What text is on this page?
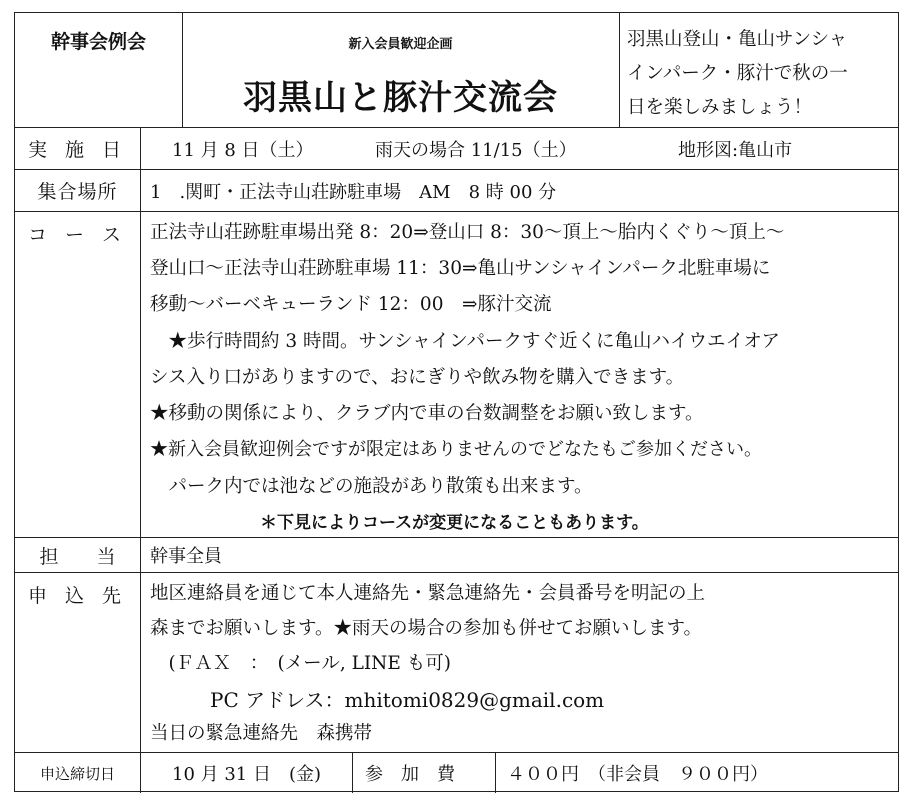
幹事会例会	新入会員歓迎企画
羽黒山と豚汁交流会
羽黒山登山・亀山サンシャ
インパーク・豚汁で秋の一
日を楽しみましょう！
実 施 日	11 月 8 日（土）	雨天の場合 11/15（土）	地形図:亀山市
集合場所	1　.関町・正法寺山荘跡駐車場　AM　8 時 00 分
コ ー ス	正法寺山荘跡駐車場出発 8：20⇒登山口 8：30〜頂上〜胎内くぐり〜頂上〜
登山口〜正法寺山荘跡駐車場 11：30⇒亀山サンシャインパーク北駐車場に
移動〜バーベキューランド 12：00　⇒豚汁交流
　★歩行時間約 3 時間。サンシャインパークすぐ近くに亀山ハイウエイオア
シス入り口がありますので、おにぎりや飲み物を購入できます。
★移動の関係により、クラブ内で車の台数調整をお願い致します。
★新入会員歓迎例会ですが限定はありませんのでどなたもご参加ください。
　パーク内では池などの施設があり散策も出来ます。
＊下見によりコースが変更になることもあります。
担　　当	幹事全員
申 込 先	地区連絡員を通じて本人連絡先・緊急連絡先・会員番号を明記の上
森までお願いします。★雨天の場合の参加も併せてお願いします。
　(ＦＡＸ　：　(メール, LINE も可)
　　　PC アドレス：mhitomi0829@gmail.com
当日の緊急連絡先　森携帯
申込締切日	10 月 31 日　(金) 参　加　費	４００円　（非会員　９００円）
